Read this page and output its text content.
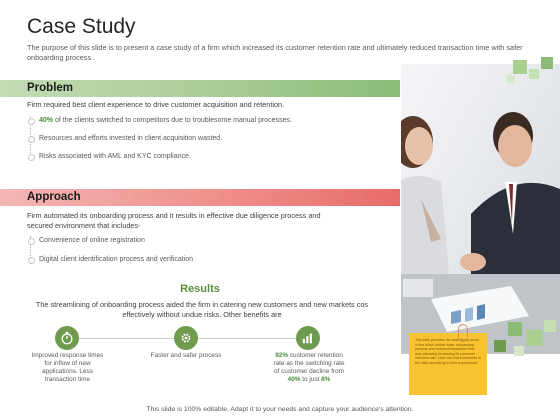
Case Study
The purpose of this slide is to present a case study of a firm which increased its customer retention rate and ultimately reduced transaction time with safer onboarding process .
Problem
Firm required best client experience to drive customer acquisition and retention.
40% of the clients switched to competitors due to troublesome manual processes.
Resources and efforts invested in client acquisition wasted.
Risks associated with AML and KYC compliance.
Approach
Firm automated its onboarding process and it results in effective due diligence process and secured environment that includes-
Convenience of online registration
Digital client identification process and verification
Results
The streamlining of onboarding process aided the firm in catering new customers and new markets cos effectively without undue risks. Other benefits are
Improved response times for inflow of new applications. Less transaction time
Faster and safer process	92% customer retention rate as the switching rate of customer decline from 40% to just 8%
This slide provides the case study about a firm which deliver safer onboarding process and reduced transaction time and ultimately increasing its customer retention rate. User can mark elements in the slide according to their requirement.
This slide is 100% editable. Adapt it to your needs and capture your audience's attention.
